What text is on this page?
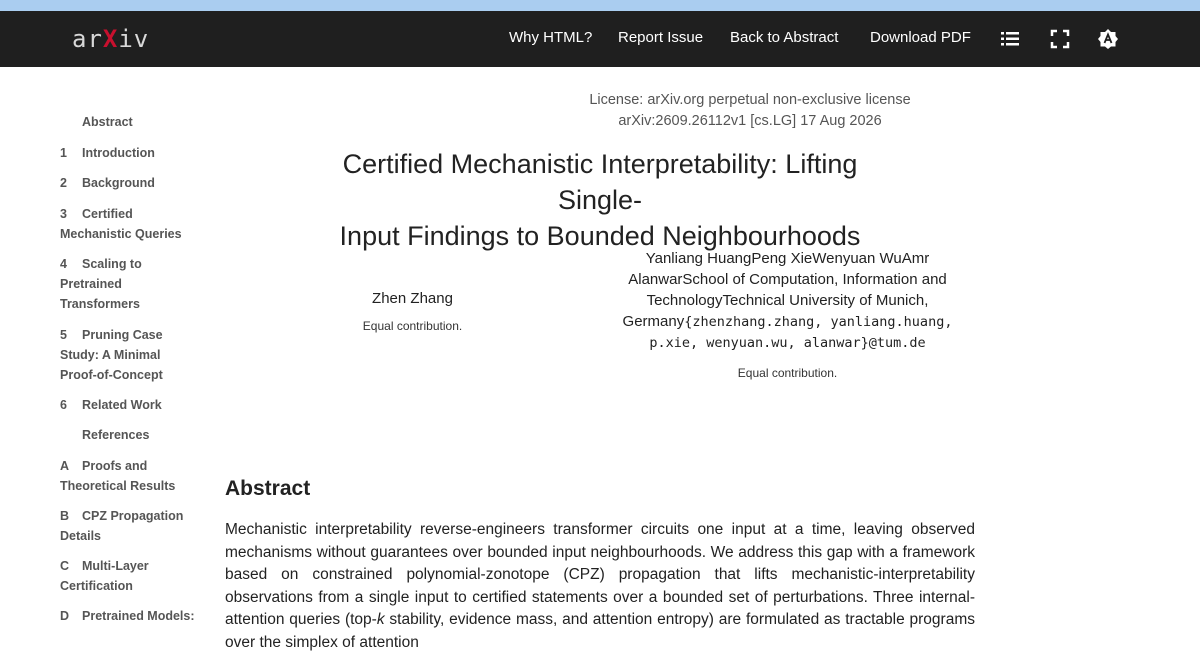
arXiv	Why HTML? Report Issue Back to Abstract Download PDF
Abstract
1 Introduction
2 Background
3 Certified
Mechanistic Queries
4 Scaling to
Pretrained
Transformers
5 Pruning Case
Study: A Minimal
Proof-of-Concept
6 Related Work
References
A Proofs and
Theoretical Results
B CPZ Propagation
Details
C Multi-Layer
Certification
D Pretrained Models:
License: arXiv.org perpetual non-exclusive license
arXiv:2609.26112v1 [cs.LG] 17 Aug 2026
Certified Mechanistic Interpretability: Lifting Single-
Input Findings to Bounded Neighbourhoods
Zhen Zhang
Equal contribution.
Yanliang HuangPeng XieWenyuan WuAmr
AlanwarSchool of Computation, Information and
TechnologyTechnical University of Munich,
Germany{zhenzhang.zhang, yanliang.huang,
p.xie, wenyuan.wu, alanwar}@tum.de
Equal contribution.
Abstract

Mechanistic interpretability reverse-engineers transformer circuits one input at a time, leaving observed mechanisms without guarantees over bounded input neighbourhoods. We address this gap with a framework based on constrained polynomial-zonotope (CPZ) propagation that lifts mechanistic-interpretability observations from a single input to certified statements over a bounded set of perturbations. Three internal-attention queries (top-k stability, evidence mass, and attention entropy) are formulated as tractable programs over the simplex of attention
